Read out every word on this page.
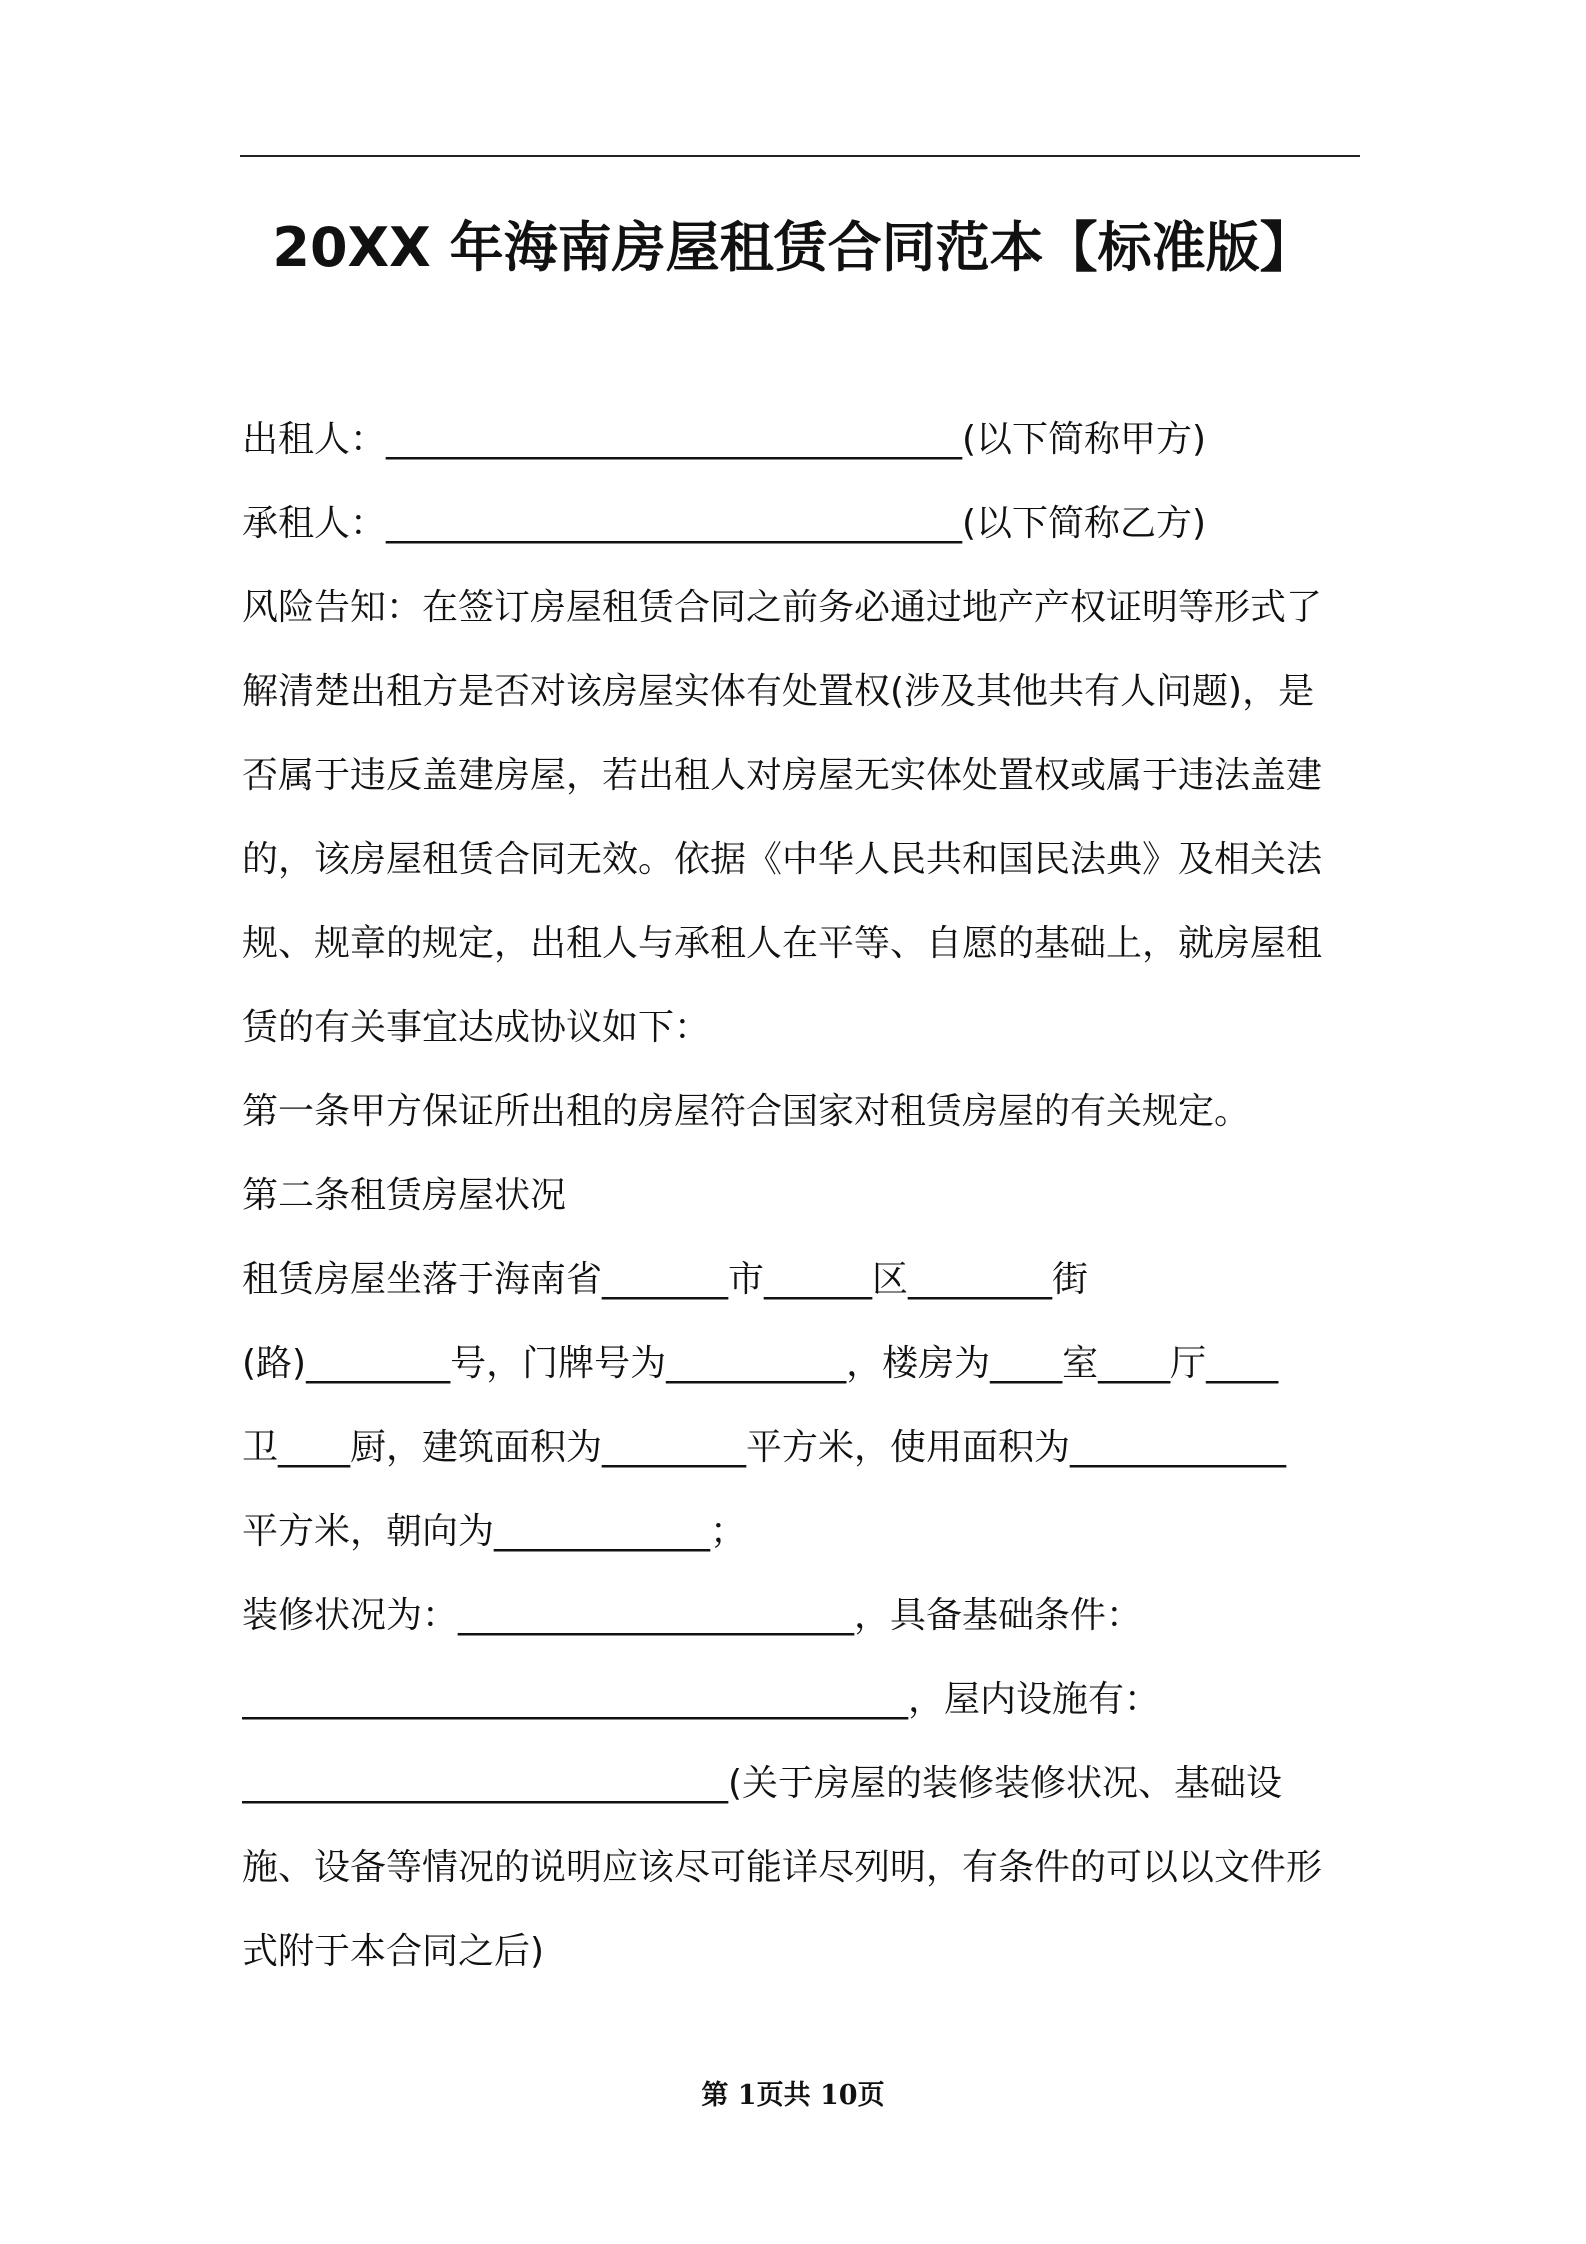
20XX 年海南房屋租赁合同范本【标准版】
出租人：________________________________(以下简称甲方)
承租人：________________________________(以下简称乙方)
风险告知：在签订房屋租赁合同之前务必通过地产产权证明等形式了
解清楚出租方是否对该房屋实体有处置权(涉及其他共有人问题)，是
否属于违反盖建房屋，若出租人对房屋无实体处置权或属于违法盖建
的，该房屋租赁合同无效。依据《中华人民共和国民法典》及相关法
规、规章的规定，出租人与承租人在平等、自愿的基础上，就房屋租
赁的有关事宜达成协议如下：
第一条甲方保证所出租的房屋符合国家对租赁房屋的有关规定。
第二条租赁房屋状况
租赁房屋坐落于海南省_______市______区________街
(路)________号，门牌号为__________，楼房为____室____厅____
卫____厨，建筑面积为________平方米，使用面积为____________
平方米，朝向为____________；
装修状况为：______________________，具备基础条件：
_____________________________________，屋内设施有：
___________________________(关于房屋的装修装修状况、基础设
施、设备等情况的说明应该尽可能详尽列明，有条件的可以以文件形
式附于本合同之后)
第 1页共 10页
